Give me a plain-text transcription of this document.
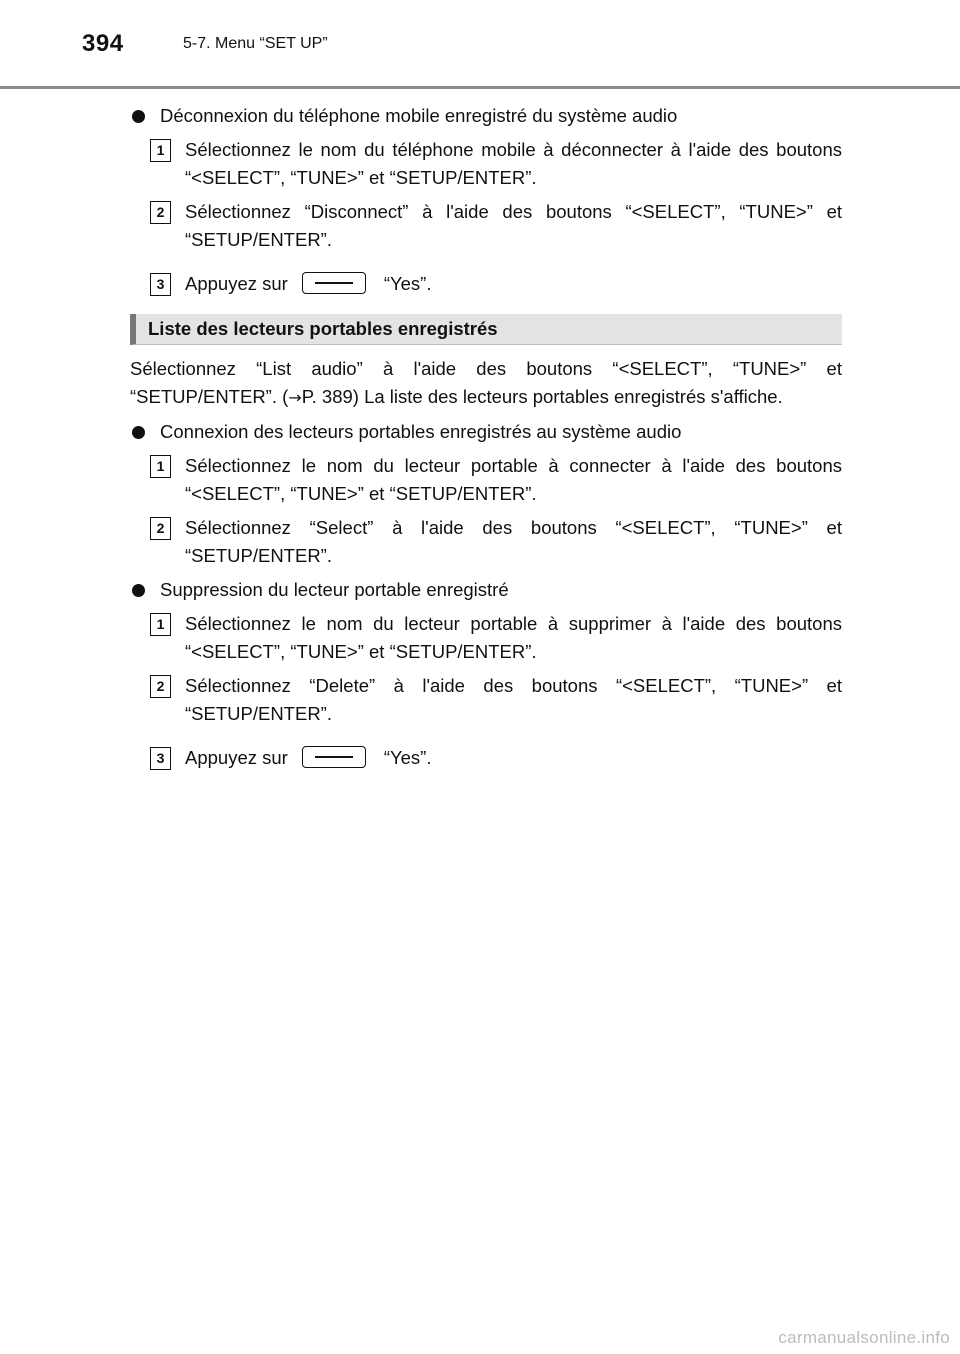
394	5-7. Menu “SET UP”
Déconnexion du téléphone mobile enregistré du système audio
1	Sélectionnez le nom du téléphone mobile à déconnecter à l'aide des boutons “<SELECT”, “TUNE>” et “SETUP/ENTER”.
2	Sélectionnez “Disconnect” à l'aide des boutons “<SELECT”, “TUNE>” et “SETUP/ENTER”.
3	Appuyez sur	“Yes”.
Liste des lecteurs portables enregistrés
Sélectionnez “List audio” à l'aide des boutons “<SELECT”, “TUNE>” et “SETUP/ENTER”. (→P. 389) La liste des lecteurs portables enregistrés s'affiche.
Connexion des lecteurs portables enregistrés au système audio
1	Sélectionnez le nom du lecteur portable à connecter à l'aide des boutons “<SELECT”, “TUNE>” et “SETUP/ENTER”.
2	Sélectionnez “Select” à l'aide des boutons “<SELECT”, “TUNE>” et “SETUP/ENTER”.
Suppression du lecteur portable enregistré
1	Sélectionnez le nom du lecteur portable à supprimer à l'aide des boutons “<SELECT”, “TUNE>” et “SETUP/ENTER”.
2	Sélectionnez “Delete” à l'aide des boutons “<SELECT”, “TUNE>” et “SETUP/ENTER”.
3	Appuyez sur	“Yes”.
carmanualsonline.info
